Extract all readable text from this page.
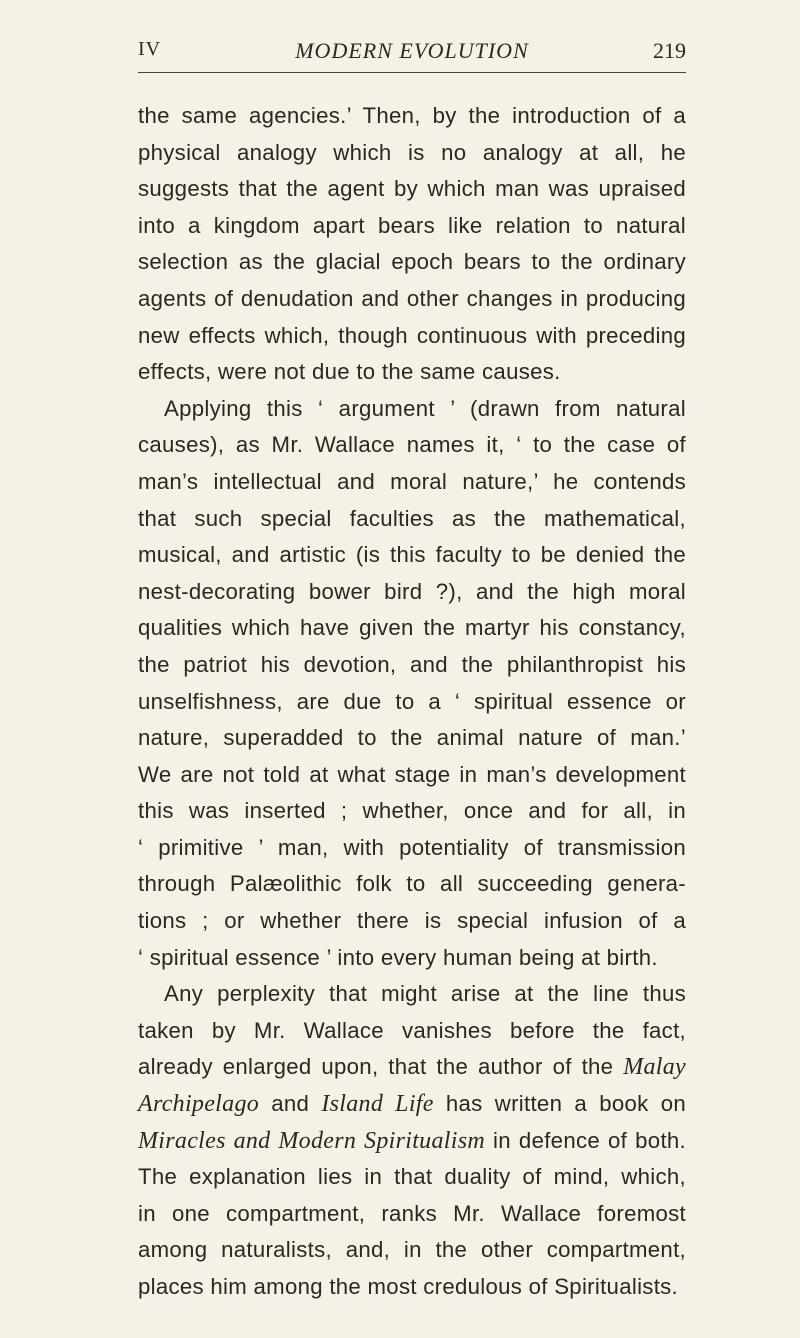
IV	MODERN EVOLUTION	219

the same agencies.’ Then, by the introduction of a
physical analogy which is no analogy at all, he
suggests that the agent by which man was upraised
into a kingdom apart bears like relation to natural
selection as the glacial epoch bears to the ordinary
agents of denudation and other changes in producing
new effects which, though continuous with preceding
effects, were not due to the same causes.

Applying this ‘ argument ’ (drawn from natural
causes), as Mr. Wallace names it, ‘ to the case of
man’s intellectual and moral nature,’ he contends
that such special faculties as the mathematical,
musical, and artistic (is this faculty to be denied the
nest-decorating bower bird ?), and the high moral
qualities which have given the martyr his constancy,
the patriot his devotion, and the philanthropist his
unselfishness, are due to a ‘ spiritual essence or
nature, superadded to the animal nature of man.’
We are not told at what stage in man’s development
this was inserted ; whether, once and for all, in
‘ primitive ’ man, with potentiality of transmission
through Palæolithic folk to all succeeding genera-
tions ; or whether there is special infusion of a
‘ spiritual essence ’ into every human being at birth.

Any perplexity that might arise at the line thus
taken by Mr. Wallace vanishes before the fact,
already enlarged upon, that the author of the Malay
Archipelago and Island Life has written a book on
Miracles and Modern Spiritualism in defence of both.
The explanation lies in that duality of mind, which,
in one compartment, ranks Mr. Wallace foremost
among naturalists, and, in the other compartment,
places him among the most credulous of Spiritualists.
